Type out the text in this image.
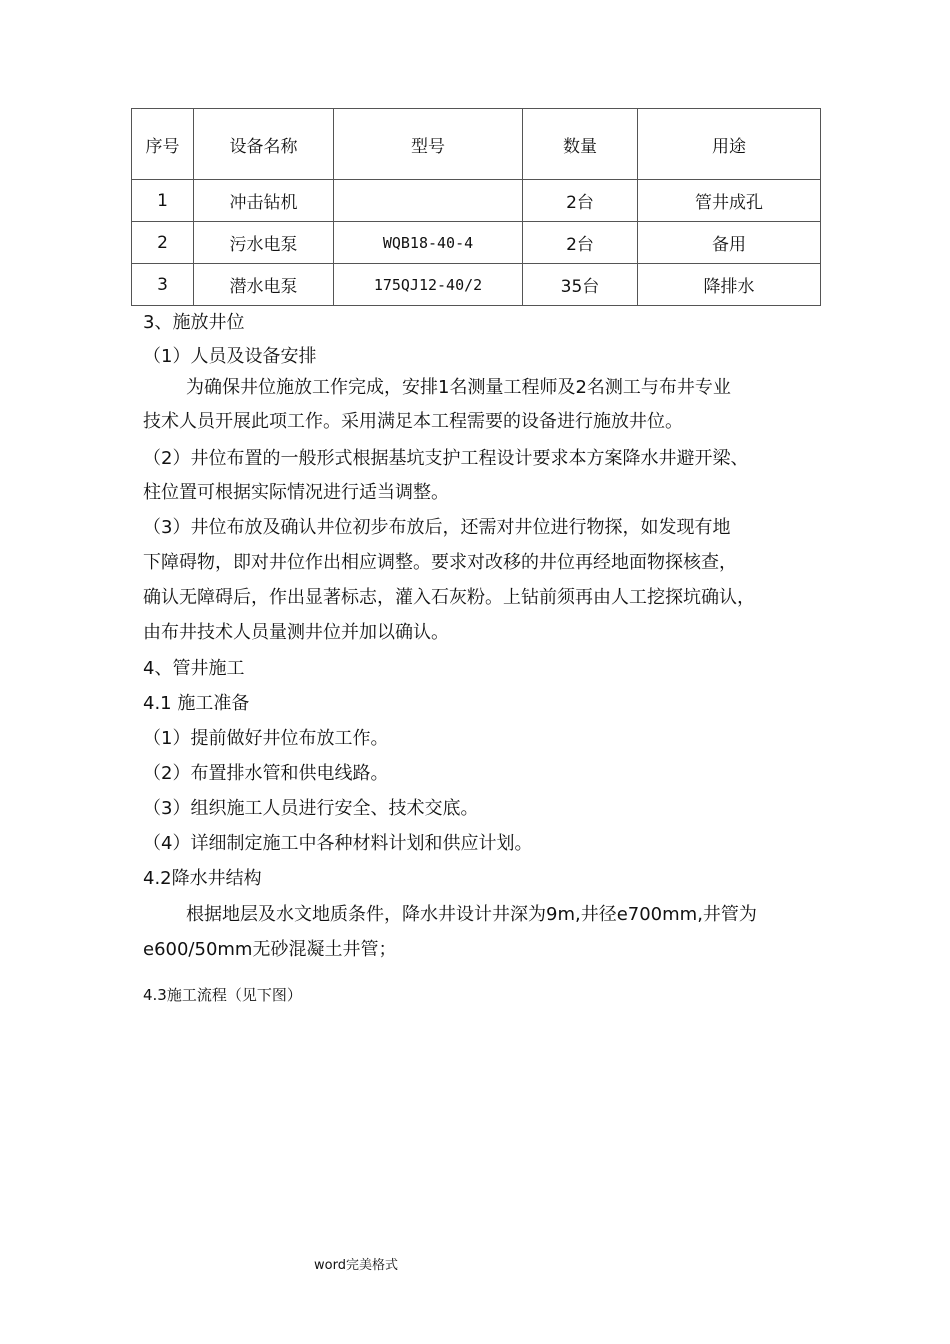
序号	设备名称	型号	数量	用途
1	冲击钻机		2台	管井成孔
2	污水电泵	WQB18-40-4	2台	备用
3	潜水电泵	175QJ12-40/2	35台	降排水
3、施放井位
（1）人员及设备安排
为确保井位施放工作完成，安排1名测量工程师及2名测工与布井专业
技术人员开展此项工作。采用满足本工程需要的设备进行施放井位。
（2）井位布置的一般形式根据基坑支护工程设计要求本方案降水井避开梁、
柱位置可根据实际情况进行适当调整。
（3）井位布放及确认井位初步布放后，还需对井位进行物探，如发现有地
下障碍物，即对井位作出相应调整。要求对改移的井位再经地面物探核查，
确认无障碍后，作出显著标志，灌入石灰粉。上钻前须再由人工挖探坑确认，
由布井技术人员量测井位并加以确认。
4、管井施工
4.1 施工准备
（1）提前做好井位布放工作。
（2）布置排水管和供电线路。
（3）组织施工人员进行安全、技术交底。
（4）详细制定施工中各种材料计划和供应计划。
4.2降水井结构
根据地层及水文地质条件，降水井设计井深为9m,井径e700mm,井管为
e600/50mm无砂混凝土井管；
4.3施工流程（见下图）
word完美格式
